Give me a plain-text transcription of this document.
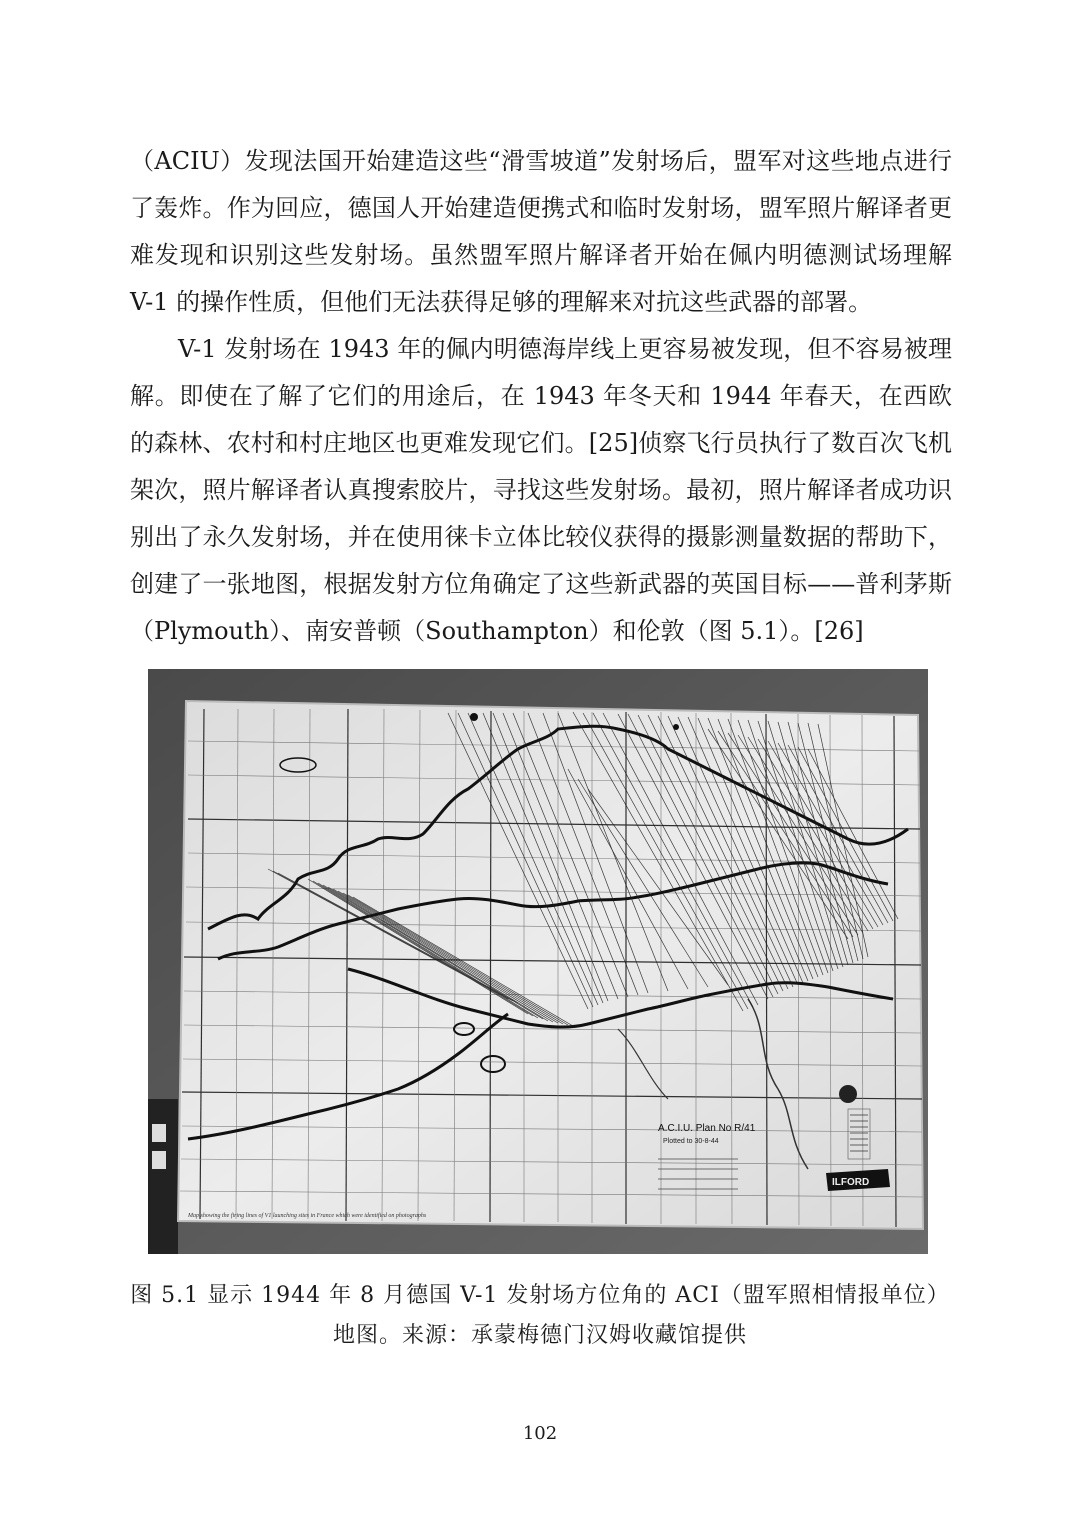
（ACIU）发现法国开始建造这些“滑雪坡道”发射场后，盟军对这些地点进行了轰炸。作为回应，德国人开始建造便携式和临时发射场，盟军照片解译者更难发现和识别这些发射场。虽然盟军照片解译者开始在佩内明德测试场理解 V-1 的操作性质，但他们无法获得足够的理解来对抗这些武器的部署。

V-1 发射场在 1943 年的佩内明德海岸线上更容易被发现，但不容易被理解。即使在了解了它们的用途后，在 1943 年冬天和 1944 年春天，在西欧的森林、农村和村庄地区也更难发现它们。[25]侦察飞行员执行了数百次飞机架次，照片解译者认真搜索胶片，寻找这些发射场。最初，照片解译者成功识别出了永久发射场，并在使用徕卡立体比较仪获得的摄影测量数据的帮助下，创建了一张地图，根据发射方位角确定了这些新武器的英国目标——普利茅斯（Plymouth）、南安普顿（Southampton）和伦敦（图 5.1）。[26]

A.C.I.U. Plan No R/41
Plotted to 30-8-44
ILFORD
Map showing the firing lines of V1 launching sites in France which were identified on photographs
图 5.1 显示 1944 年 8 月德国 V-1 发射场方位角的 ACI（盟军照相情报单位）
地图。来源：承蒙梅德门汉姆收藏馆提供
102
